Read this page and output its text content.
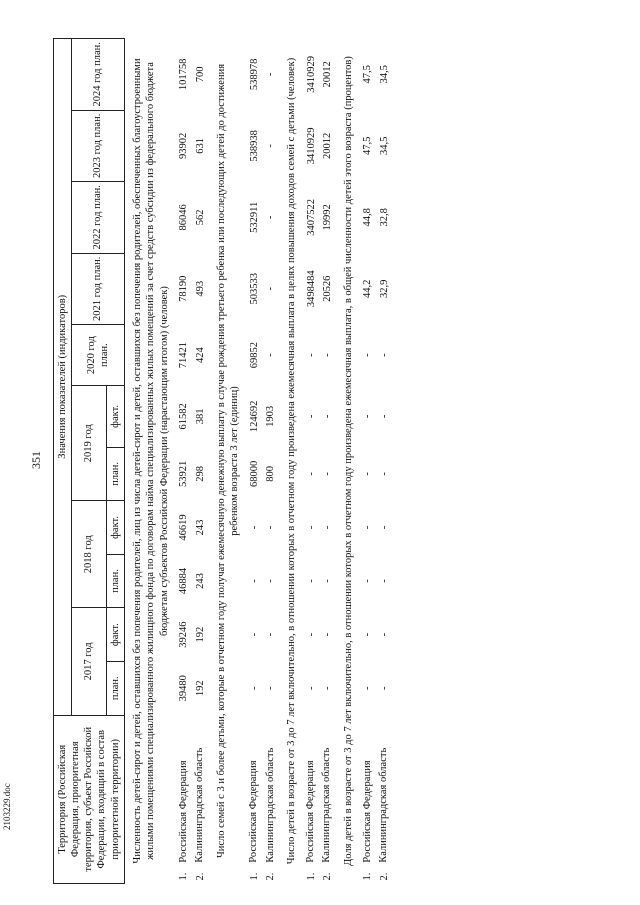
2103229.doc
351
Территория (Российская Федерация, приоритетная территория, субъект Российской Федерации, входящий в состав приоритетной территории)		Значения показателей (индикаторов)										
		2017 год		2018 год		2019 год		2020 год план.	2021 год план.	2022 год план.	2023 год план.	2024 год план.
		план.	факт.	план.	факт.	план.	факт.					
Численность детей-сирот и детей, оставшихся без попечения родителей, лиц из числа детей-сирот и детей, оставшихся без попечения родителей, обеспеченных благоустроенными жилыми помещениями специализированного жилищного фонда по договорам найма специализированных жилых помещений за счет средств субсидии из федерального бюджета бюджетам субъектов Российской Федерации (нарастающим итогом) (человек)												
1.	Российская Федерация	39480	39246	46884	46619	53921	61582	71421	78190	86046	93902	101758
2.	Калининградская область	192	192	243	243	298	381	424	493	562	631	700
Число семей с 3 и более детьми, которые в отчетном году получат ежемесячную денежную выплату в случае рождения третьего ребенка или последующих детей до достижения ребенком возраста 3 лет (единиц)												
1.	Российская Федерация	-	-	-	-	68000	124692	69852	503533	532911	538938	538978
2.	Калининградская область	-	-	-	-	800	1903	-	-	-	-	-
Число детей в возрасте от 3 до 7 лет включительно, в отношении которых в отчетном году произведена ежемесячная выплата в целях повышения доходов семей с детьми (человек)												
1.	Российская Федерация	-	-	-	-	-	-	-	3498484	3407522	3410929	3410929
2.	Калининградская область	-	-	-	-	-	-	-	20526	19992	20012	20012
Доля детей в возрасте от 3 до 7 лет включительно, в отношении которых в отчетном году произведена ежемесячная выплата, в общей численности детей этого возраста (процентов)												
1.	Российская Федерация	-	-	-	-	-	-	-	44,2	44,8	47,5	47,5
2.	Калининградская область	-	-	-	-	-	-	-	32,9	32,8	34,5	34,5
